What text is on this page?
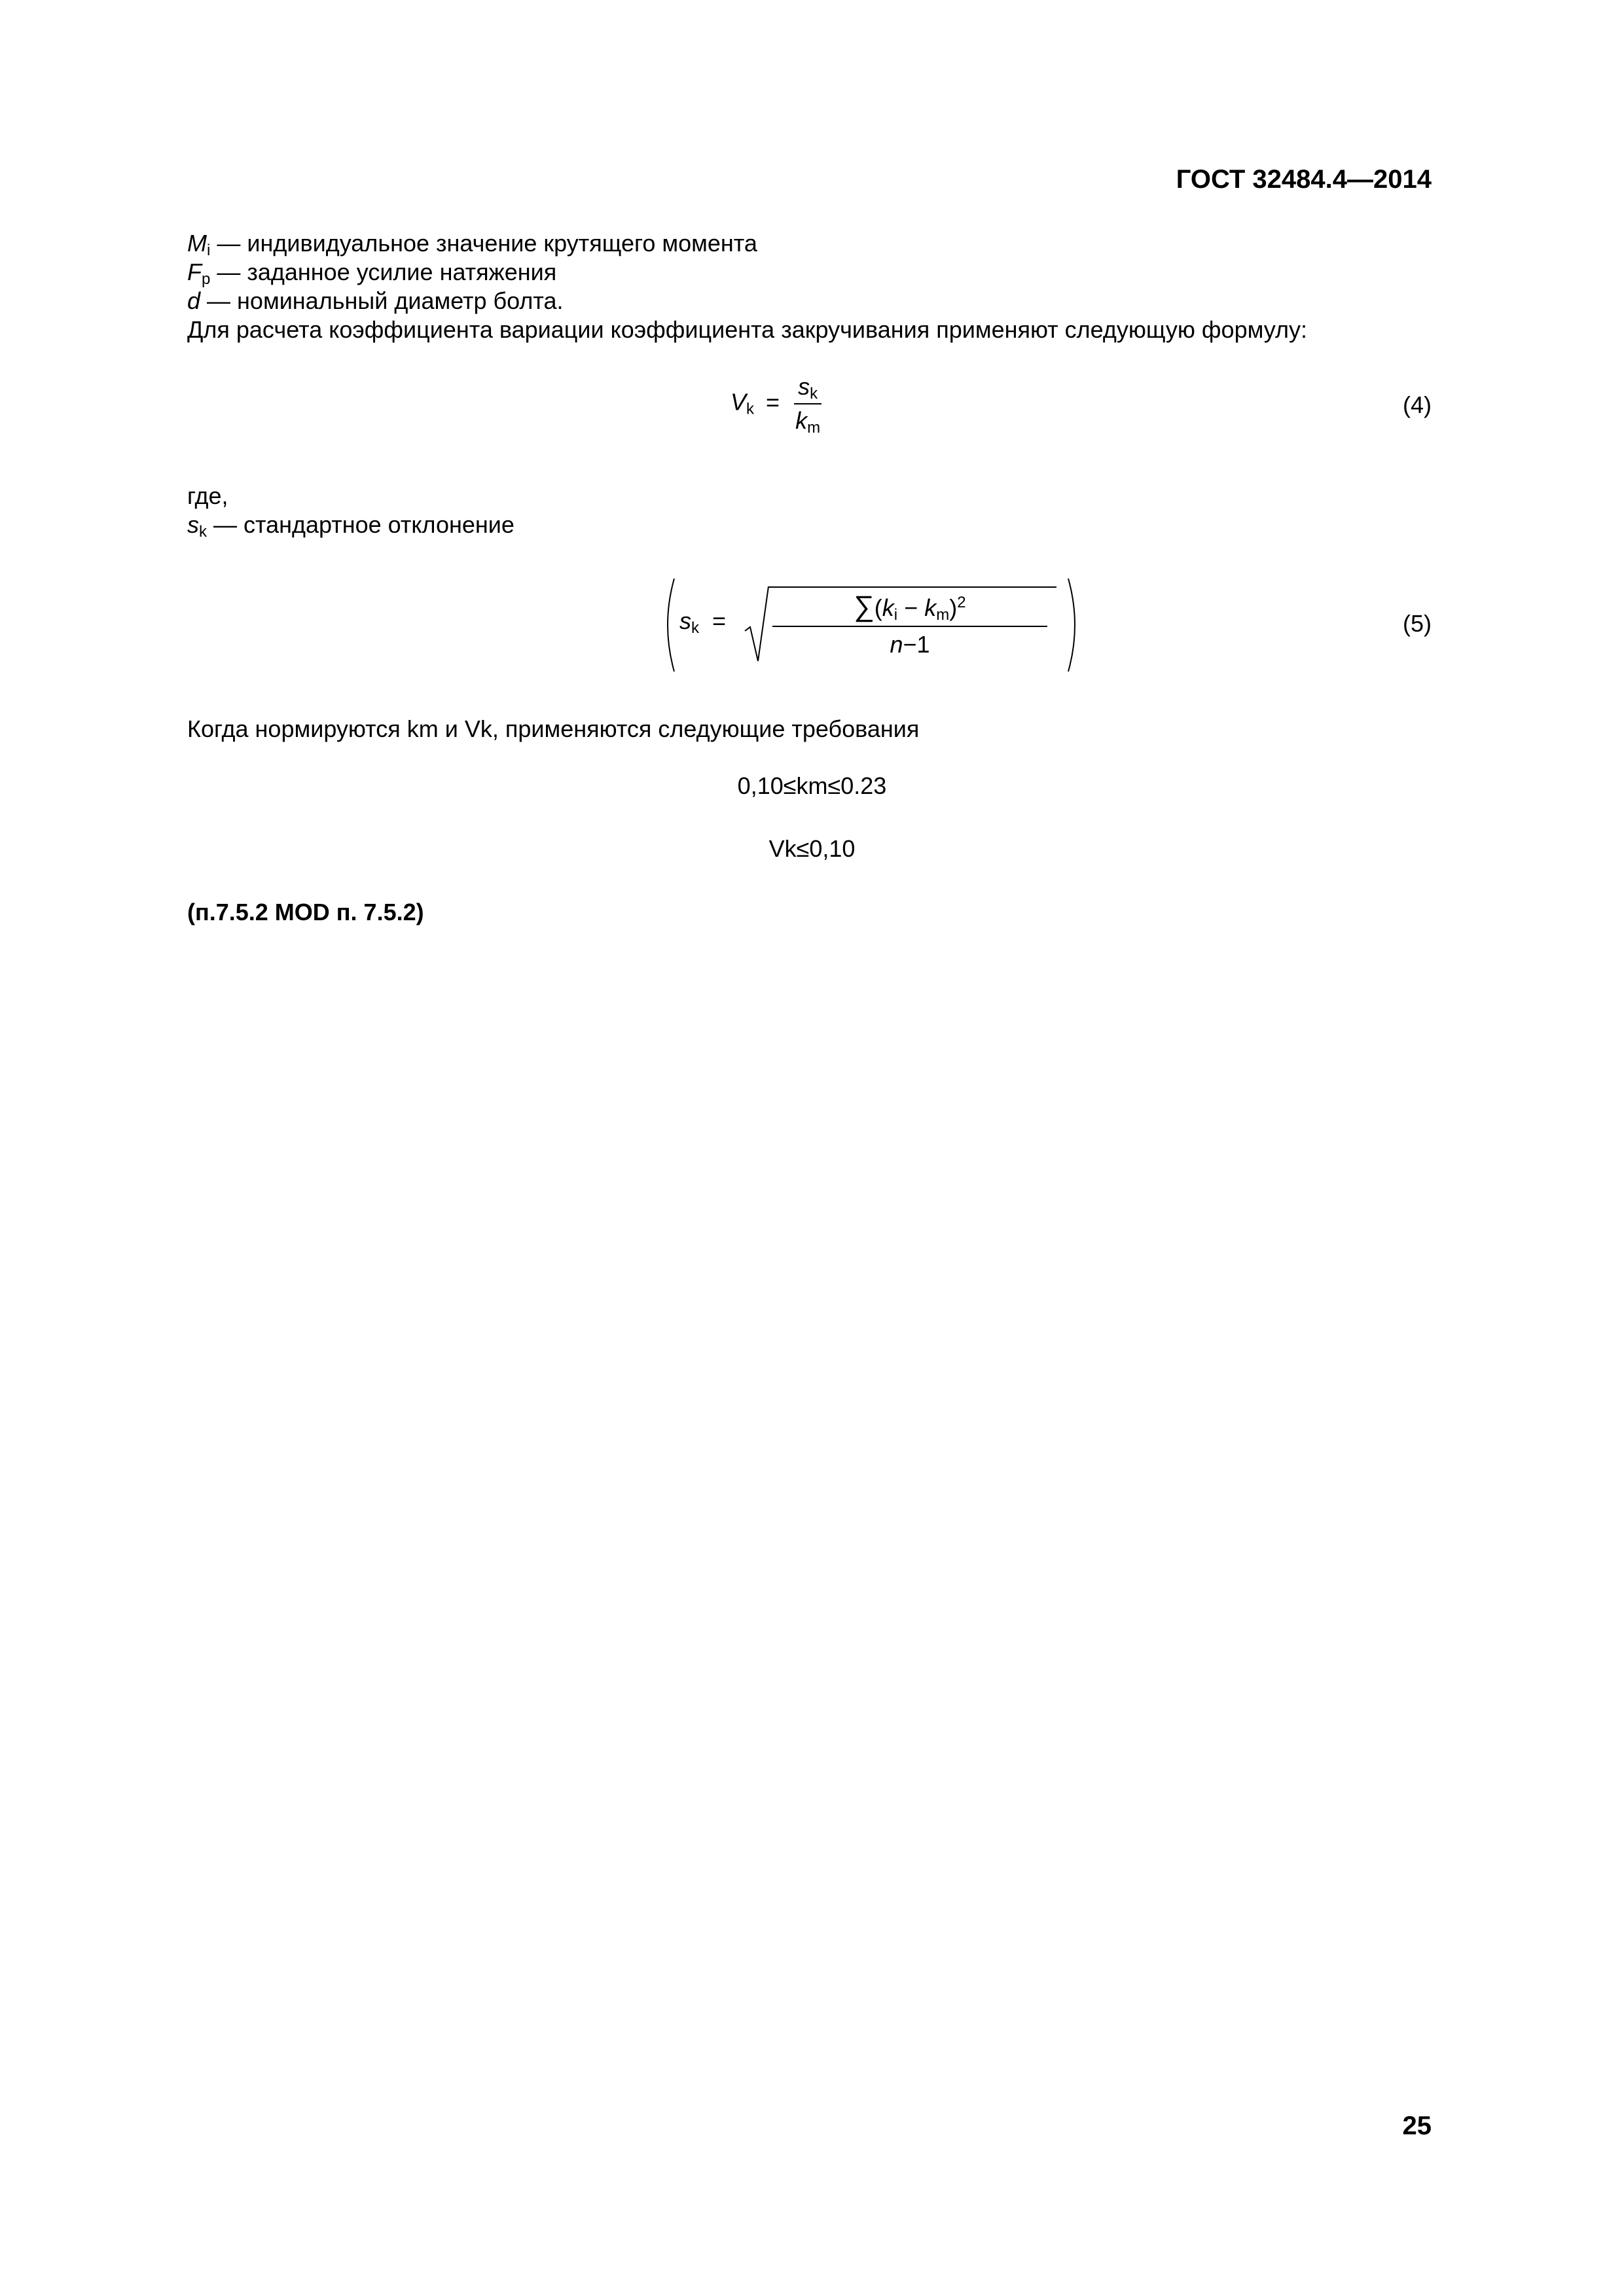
ГОСТ 32484.4—2014
$M_i$ — индивидуальное значение крутящего момента
$F_p$ — заданное усилие натяжения
d — номинальный диаметр болта.
Для расчета коэффициента вариации коэффициента закручивания применяют следующую формулу:
$V_k = \frac{s_k}{k_m}$	(4)
где,
$s_k$ — стандартное отклонение
$s_k = \frac{\sum(k_i - k_m)^2}{n-1}$	(5)
Когда нормируются km и Vk, применяются следующие требования
0,10≤km≤0.23
Vk≤0,10
(п.7.5.2 MOD п. 7.5.2)
25
